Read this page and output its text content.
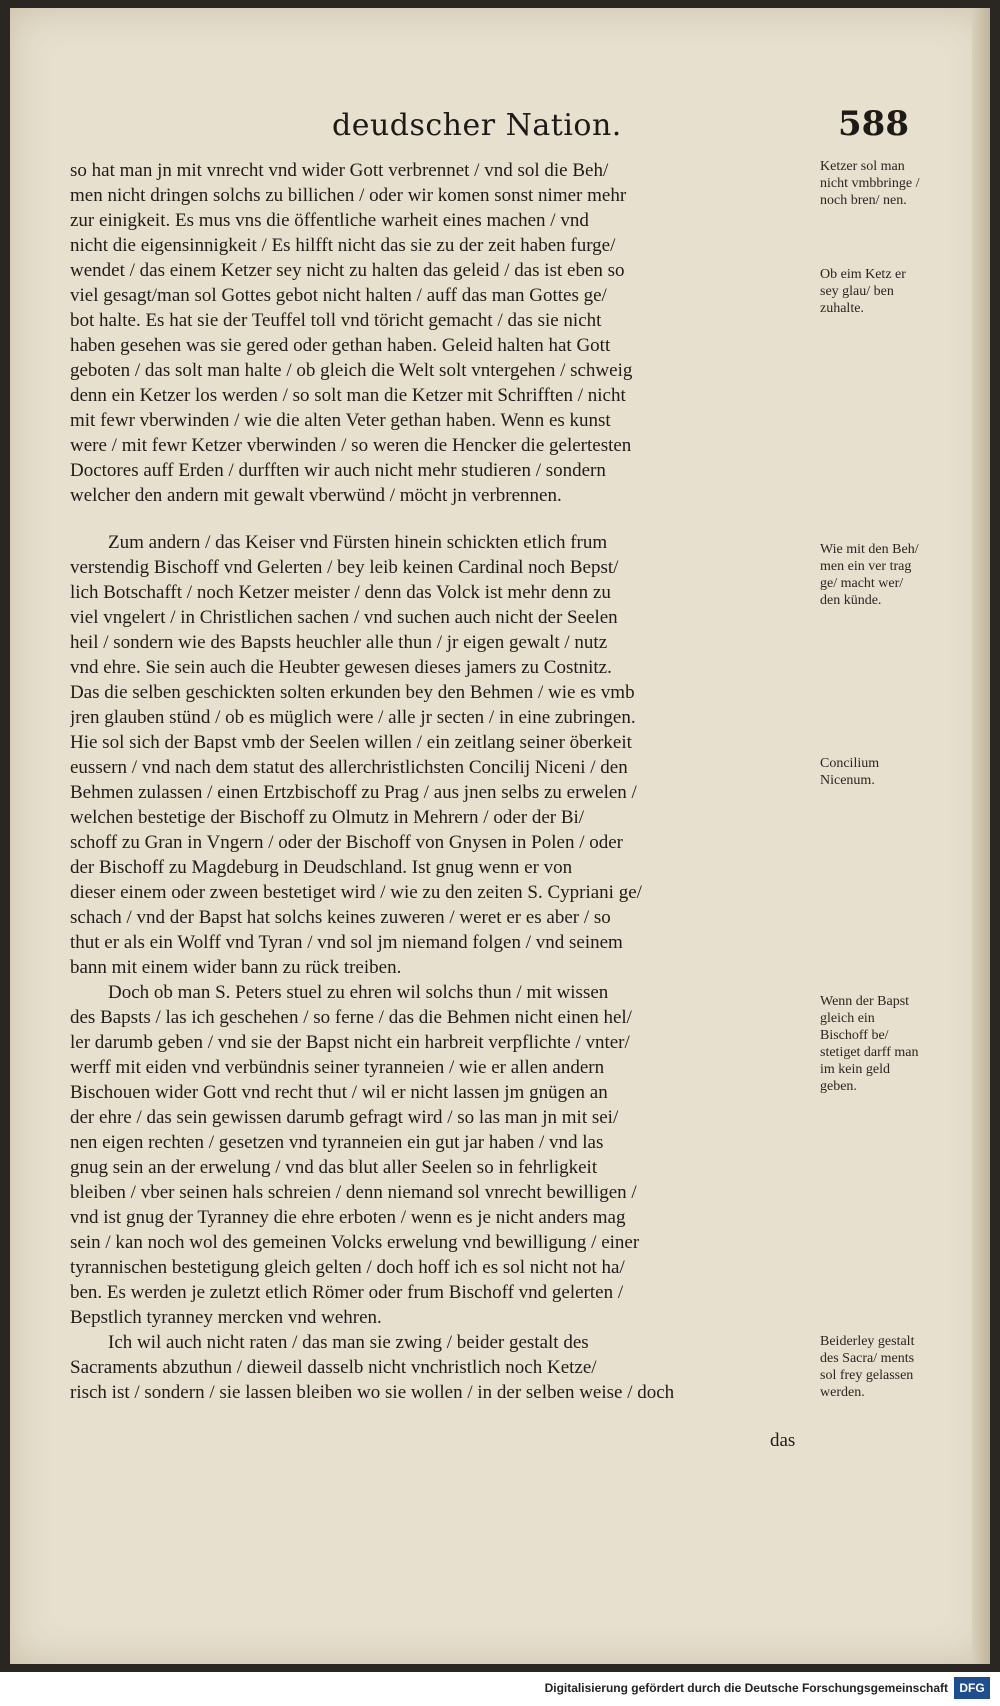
deudscher Nation.	588

so hat man jn mit vnrecht vnd wider Gott verbrennet / vnd sol die Beh/
men nicht dringen solchs zu billichen / oder wir komen sonst nimer mehr
zur einigkeit. Es mus vns die öffentliche warheit eines machen / vnd
nicht die eigensinnigkeit / Es hilfft nicht das sie zu der zeit haben furge/
wendet / das einem Ketzer sey nicht zu halten das geleid / das ist eben so
viel gesagt/man sol Gottes gebot nicht halten / auff das man Gottes ge/
bot halte. Es hat sie der Teuffel toll vnd töricht gemacht / das sie nicht
haben gesehen was sie gered oder gethan haben. Geleid halten hat Gott
geboten / das solt man halte / ob gleich die Welt solt vntergehen / schweig
denn ein Ketzer los werden / so solt man die Ketzer mit Schrifften / nicht
mit fewr vberwinden / wie die alten Veter gethan haben. Wenn es kunst
were / mit fewr Ketzer vberwinden / so weren die Hencker die gelertesten
Doctores auff Erden / durfften wir auch nicht mehr studieren / sondern
welcher den andern mit gewalt vberwünd / möcht jn verbrennen.

Zum andern / das Keiser vnd Fürsten hinein schickten etlich frum
verstendig Bischoff vnd Gelerten / bey leib keinen Cardinal noch Bepst/
lich Botschafft / noch Ketzer meister / denn das Volck ist mehr denn zu
viel vngelert / in Christlichen sachen / vnd suchen auch nicht der Seelen
heil / sondern wie des Bapsts heuchler alle thun / jr eigen gewalt / nutz
vnd ehre. Sie sein auch die Heubter gewesen dieses jamers zu Costnitz.
Das die selben geschickten solten erkunden bey den Behmen / wie es vmb
jren glauben stünd / ob es müglich were / alle jr secten / in eine zubringen.
Hie sol sich der Bapst vmb der Seelen willen / ein zeitlang seiner öberkeit
eussern / vnd nach dem statut des allerchristlichsten Concilij Niceni / den
Behmen zulassen / einen Ertzbischoff zu Prag / aus jnen selbs zu erwelen /
welchen bestetige der Bischoff zu Olmutz in Mehrern / oder der Bi/
schoff zu Gran in Vngern / oder der Bischoff von Gnysen in Polen / oder
der Bischoff zu Magdeburg in Deudschland. Ist gnug wenn er von
dieser einem oder zween bestetiget wird / wie zu den zeiten S. Cypriani ge/
schach / vnd der Bapst hat solchs keines zuweren / weret er es aber / so
thut er als ein Wolff vnd Tyran / vnd sol jm niemand folgen / vnd seinem
bann mit einem wider bann zu rück treiben.

Doch ob man S. Peters stuel zu ehren wil solchs thun / mit wissen
des Bapsts / las ich geschehen / so ferne / das die Behmen nicht einen hel/
ler darumb geben / vnd sie der Bapst nicht ein harbreit verpflichte / vnter/
werff mit eiden vnd verbündnis seiner tyranneien / wie er allen andern
Bischouen wider Gott vnd recht thut / wil er nicht lassen jm gnügen an
der ehre / das sein gewissen darumb gefragt wird / so las man jn mit sei/
nen eigen rechten / gesetzen vnd tyranneien ein gut jar haben / vnd las
gnug sein an der erwelung / vnd das blut aller Seelen so in fehrligkeit
bleiben / vber seinen hals schreien / denn niemand sol vnrecht bewilligen /
vnd ist gnug der Tyranney die ehre erboten / wenn es je nicht anders mag
sein / kan noch wol des gemeinen Volcks erwelung vnd bewilligung / einer
tyrannischen bestetigung gleich gelten / doch hoff ich es sol nicht not ha/
ben. Es werden je zuletzt etlich Römer oder frum Bischoff vnd gelerten /
Bepstlich tyranney mercken vnd wehren.

Ich wil auch nicht raten / das man sie zwing / beider gestalt des
Sacraments abzuthun / dieweil dasselb nicht vnchristlich noch Ketze/
risch ist / sondern / sie lassen bleiben wo sie wollen / in der selben weise / doch

das
Ketzer sol man nicht vmbbringe / noch bren/ nen.
Ob eim Ketz er sey glau/ ben zuhalte.
Wie mit den Beh/ men ein ver trag ge/ macht wer/ den künde.
Concilium Nicenum.
Wenn der Bapst gleich ein Bischoff be/ stetiget darff man im kein geld geben.
Beiderley gestalt des Sacra/ ments sol frey gelassen werden.
Digitalisierung gefördert durch die Deutsche Forschungsgemeinschaft DFG
